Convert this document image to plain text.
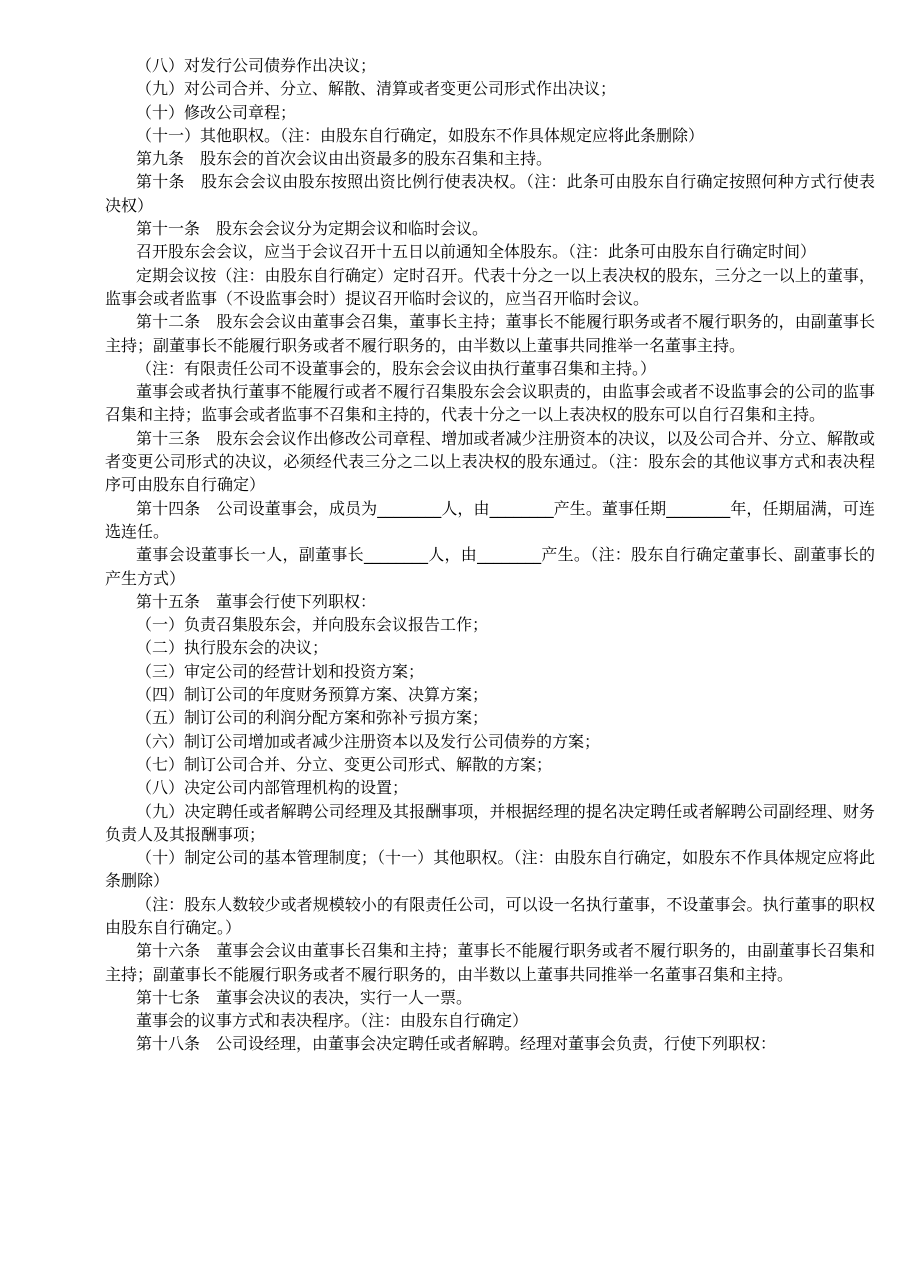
（八）对发行公司债券作出决议；

（九）对公司合并、分立、解散、清算或者变更公司形式作出决议；

（十）修改公司章程；

（十一）其他职权。（注：由股东自行确定，如股东不作具体规定应将此条删除）

第九条　股东会的首次会议由出资最多的股东召集和主持。

第十条　股东会会议由股东按照出资比例行使表决权。（注：此条可由股东自行确定按照何种方式行使表决权）

第十一条　股东会会议分为定期会议和临时会议。

召开股东会会议，应当于会议召开十五日以前通知全体股东。（注：此条可由股东自行确定时间）

定期会议按（注：由股东自行确定）定时召开。代表十分之一以上表决权的股东，三分之一以上的董事，监事会或者监事（不设监事会时）提议召开临时会议的，应当召开临时会议。

第十二条　股东会会议由董事会召集，董事长主持；董事长不能履行职务或者不履行职务的，由副董事长主持；副董事长不能履行职务或者不履行职务的，由半数以上董事共同推举一名董事主持。

（注：有限责任公司不设董事会的，股东会会议由执行董事召集和主持。）

董事会或者执行董事不能履行或者不履行召集股东会会议职责的，由监事会或者不设监事会的公司的监事召集和主持；监事会或者监事不召集和主持的，代表十分之一以上表决权的股东可以自行召集和主持。

第十三条　股东会会议作出修改公司章程、增加或者减少注册资本的决议，以及公司合并、分立、解散或者变更公司形式的决议，必须经代表三分之二以上表决权的股东通过。（注：股东会的其他议事方式和表决程序可由股东自行确定）

第十四条　公司设董事会，成员为________人，由________产生。董事任期________年，任期届满，可连选连任。

董事会设董事长一人，副董事长________人，由________产生。（注：股东自行确定董事长、副董事长的产生方式）

第十五条　董事会行使下列职权：

（一）负责召集股东会，并向股东会议报告工作；

（二）执行股东会的决议；

（三）审定公司的经营计划和投资方案；

（四）制订公司的年度财务预算方案、决算方案；

（五）制订公司的利润分配方案和弥补亏损方案；

（六）制订公司增加或者减少注册资本以及发行公司债券的方案；

（七）制订公司合并、分立、变更公司形式、解散的方案；

（八）决定公司内部管理机构的设置；

（九）决定聘任或者解聘公司经理及其报酬事项，并根据经理的提名决定聘任或者解聘公司副经理、财务负责人及其报酬事项；

（十）制定公司的基本管理制度；（十一）其他职权。（注：由股东自行确定，如股东不作具体规定应将此条删除）

（注：股东人数较少或者规模较小的有限责任公司，可以设一名执行董事，不设董事会。执行董事的职权由股东自行确定。）

第十六条　董事会会议由董事长召集和主持；董事长不能履行职务或者不履行职务的，由副董事长召集和主持；副董事长不能履行职务或者不履行职务的，由半数以上董事共同推举一名董事召集和主持。

第十七条　董事会决议的表决，实行一人一票。

董事会的议事方式和表决程序。（注：由股东自行确定）

第十八条　公司设经理，由董事会决定聘任或者解聘。经理对董事会负责，行使下列职权：
